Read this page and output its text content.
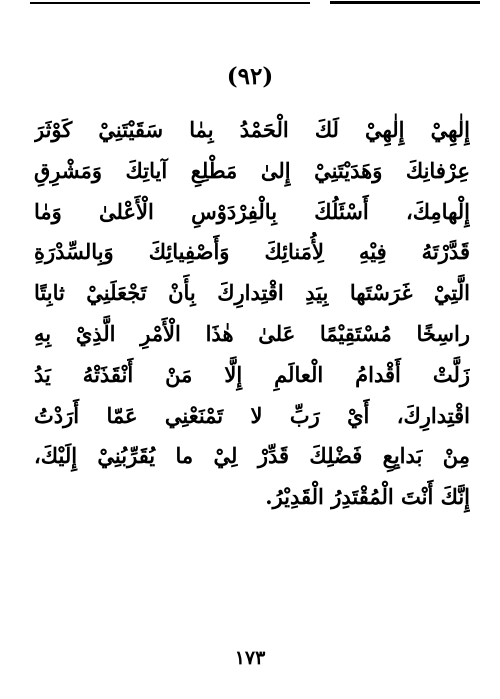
(٩٢)
إِلٰهِيْ إِلٰهِيْ لَكَ الْحَمْدُ بِمٰا سَقَيْتَنِيْ كَوْثَرَ
عِرْفانِكَ وَهَدَيْتَنِيْ إِلىٰ مَطْلِعِ آياتِكَ وَمَشْرِقِ
إِلْهامِكَ، أَسْئَلُكَ بِالْفِرْدَوْسِ الْأَعْلىٰ وَمٰا
قَدَّرْتَهُ فِيْهِ لِأُمَنائِكَ وَأَصْفِيائِكَ وَبِالسِّدْرَةِ
الَّتِيْ غَرَسْتَها بِيَدِ اقْتِدارِكَ بِأَنْ تَجْعَلَنِيْ ثابِتًا
راسِخًا مُسْتَقِيْمًا عَلىٰ هٰذَا الْأَمْرِ الَّذِيْ بِهِ
زَلَّتْ أَقْدامُ الْعالَمِ إِلَّا مَنْ أَنْقَذَتْهُ يَدُ
اقْتِدارِكَ، أَيْ رَبِّ لا تَمْنَعْنِي عَمّا أَرَدْتُ
مِنْ بَدايِعِ فَضْلِكَ قَدِّرْ لِيْ ما يُقَرِّبُنِيْ إِلَيْكَ،
إِنَّكَ أَنْتَ الْمُقْتَدِرُ الْقَدِيْرُ.
١٧٣
